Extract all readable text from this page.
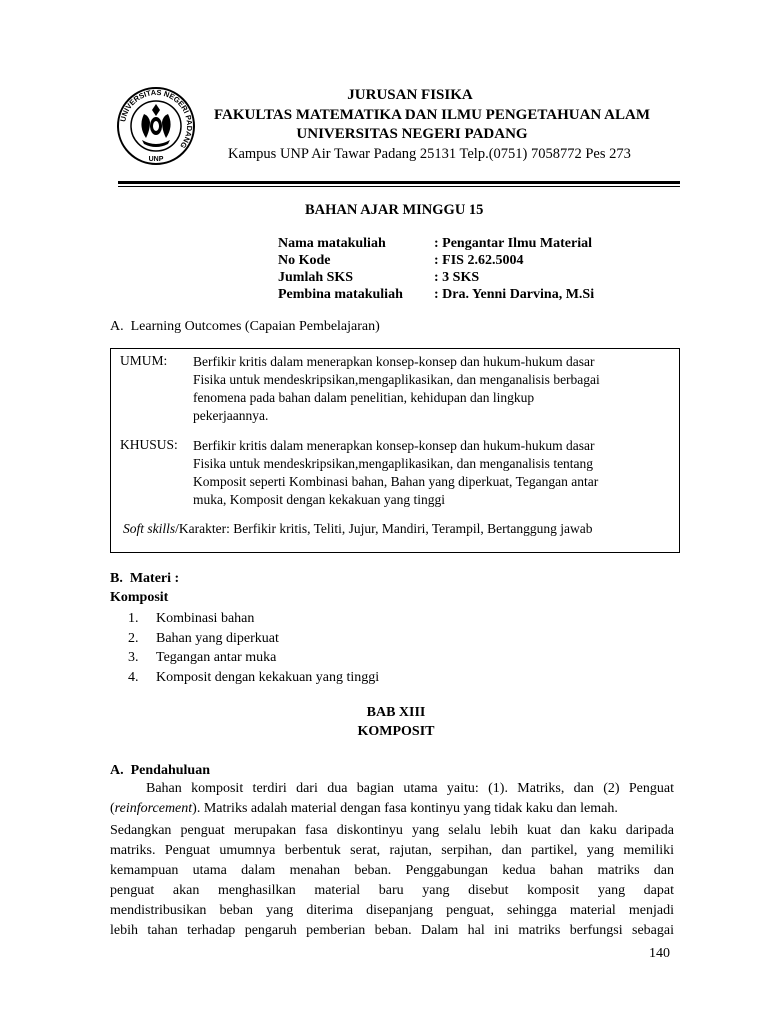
UNIVERSITAS NEGERI PADANG
UNP
JURUSAN FISIKA
FAKULTAS MATEMATIKA DAN ILMU PENGETAHUAN ALAM
UNIVERSITAS NEGERI PADANG
Kampus UNP Air Tawar Padang 25131 Telp.(0751) 7058772 Pes 273
BAHAN AJAR MINGGU 15
Nama matakuliah	: Pengantar Ilmu Material
No Kode	: FIS 2.62.5004
Jumlah SKS	: 3 SKS
Pembina matakuliah	: Dra. Yenni Darvina, M.Si
A.  Learning Outcomes (Capaian Pembelajaran)
UMUM: Berfikir kritis dalam menerapkan konsep-konsep dan hukum-hukum dasar
Fisika untuk mendeskripsikan,mengaplikasikan, dan menganalisis berbagai
fenomena pada bahan dalam penelitian, kehidupan dan lingkup
pekerjaannya.
KHUSUS: Berfikir kritis dalam menerapkan konsep-konsep dan hukum-hukum dasar
Fisika untuk mendeskripsikan,mengaplikasikan, dan menganalisis tentang
Komposit seperti Kombinasi bahan, Bahan yang diperkuat, Tegangan antar
muka, Komposit dengan kekakuan yang tinggi
Soft skills/Karakter: Berfikir kritis, Teliti, Jujur, Mandiri, Terampil, Bertanggung jawab
B.  Materi :
Komposit
1.	Kombinasi bahan
2.	Bahan yang diperkuat
3.	Tegangan antar muka
4.	Komposit dengan kekakuan yang tinggi
BAB XIII
KOMPOSIT
A.  Pendahuluan
Bahan komposit terdiri dari dua bagian utama yaitu: (1). Matriks, dan (2) Penguat
(reinforcement). Matriks adalah material dengan fasa kontinyu yang tidak kaku dan lemah.
Sedangkan penguat merupakan fasa diskontinyu yang selalu lebih kuat dan kaku daripada
matriks. Penguat umumnya berbentuk serat, rajutan, serpihan, dan partikel, yang memiliki
kemampuan utama dalam menahan beban. Penggabungan kedua bahan matriks dan
penguat akan menghasilkan material baru yang disebut komposit yang dapat
mendistribusikan beban yang diterima disepanjang penguat, sehingga material menjadi
lebih tahan terhadap pengaruh pemberian beban. Dalam hal ini matriks berfungsi sebagai
140
